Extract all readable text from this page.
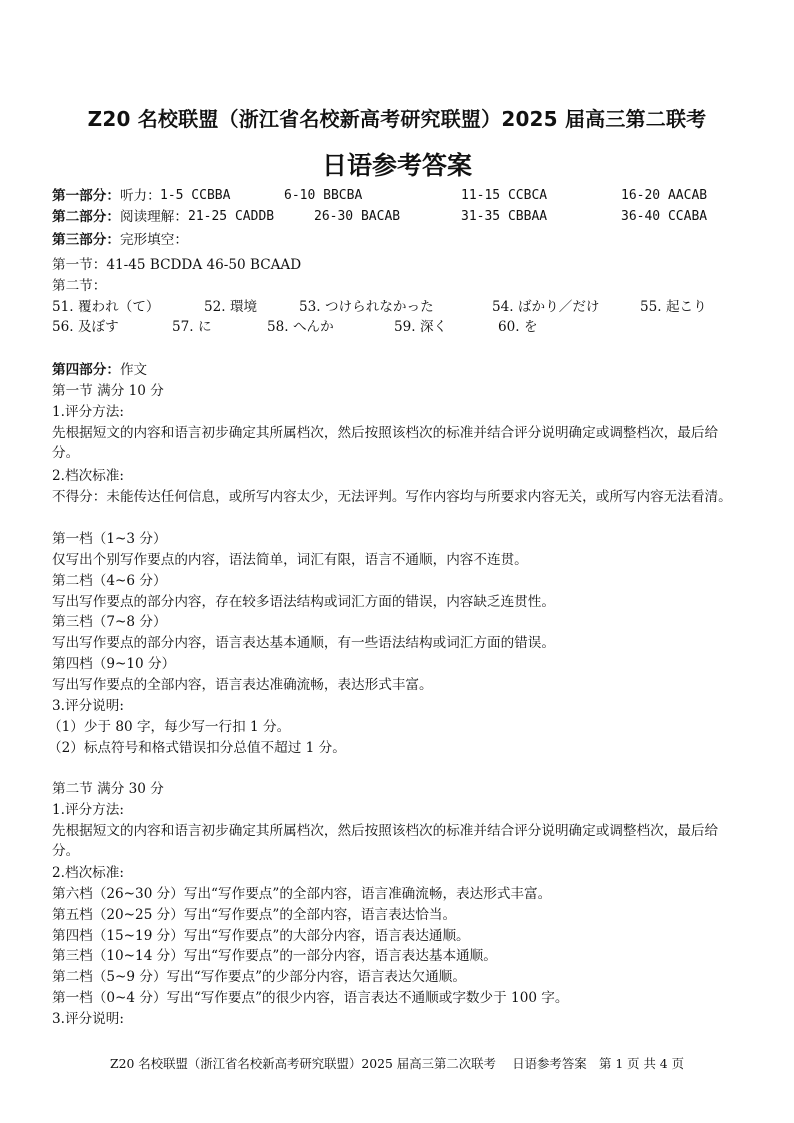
Z20 名校联盟（浙江省名校新高考研究联盟）2025 届高三第二联考
日语参考答案
第一部分：听力： 1-5 CCBBA	6-10 BBCBA	11-15 CCBCA	16-20 AACAB
第二部分：阅读理解： 21-25 CADDB	26-30 BACAB	31-35 CBBAA	36-40 CCABA
第三部分：完形填空：
第一节：41-45 BCDDA 46-50 BCAAD
第二节：
51. 覆われ（て）	52. 環境	53. つけられなかった	54. ばかり／だけ	55. 起こり
56. 及ぼす	57. に	58. へんか	59. 深く	60. を
第四部分：作文
第一节 满分 10 分
1.评分方法:
先根据短文的内容和语言初步确定其所属档次，然后按照该档次的标准并结合评分说明确定或调整档次，最后给分。
2.档次标准:
不得分：未能传达任何信息，或所写内容太少，无法评判。写作内容均与所要求内容无关，或所写内容无法看清。
第一档（1~3 分）
仅写出个别写作要点的内容，语法简单，词汇有限，语言不通顺，内容不连贯。
第二档（4~6 分）
写出写作要点的部分内容，存在较多语法结构或词汇方面的错误，内容缺乏连贯性。
第三档（7~8 分）
写出写作要点的部分内容，语言表达基本通顺，有一些语法结构或词汇方面的错误。
第四档（9~10 分）
写出写作要点的全部内容，语言表达准确流畅，表达形式丰富。
3.评分说明:
（1）少于 80 字，每少写一行扣 1 分。
（2）标点符号和格式错误扣分总值不超过 1 分。
第二节 满分 30 分
1.评分方法:
先根据短文的内容和语言初步确定其所属档次，然后按照该档次的标准并结合评分说明确定或调整档次，最后给分。
2.档次标准:
第六档（26~30 分）写出“写作要点”的全部内容，语言准确流畅，表达形式丰富。
第五档（20~25 分）写出“写作要点”的全部内容，语言表达恰当。
第四档（15~19 分）写出“写作要点”的大部分内容，语言表达通顺。
第三档（10~14 分）写出“写作要点”的一部分内容，语言表达基本通顺。
第二档（5~9 分）写出“写作要点”的少部分内容，语言表达欠通顺。
第一档（0~4 分）写出“写作要点”的很少内容，语言表达不通顺或字数少于 100 字。
3.评分说明:
Z20 名校联盟（浙江省名校新高考研究联盟）2025 届高三第二次联考　 日语参考答案　第 1 页 共 4 页
